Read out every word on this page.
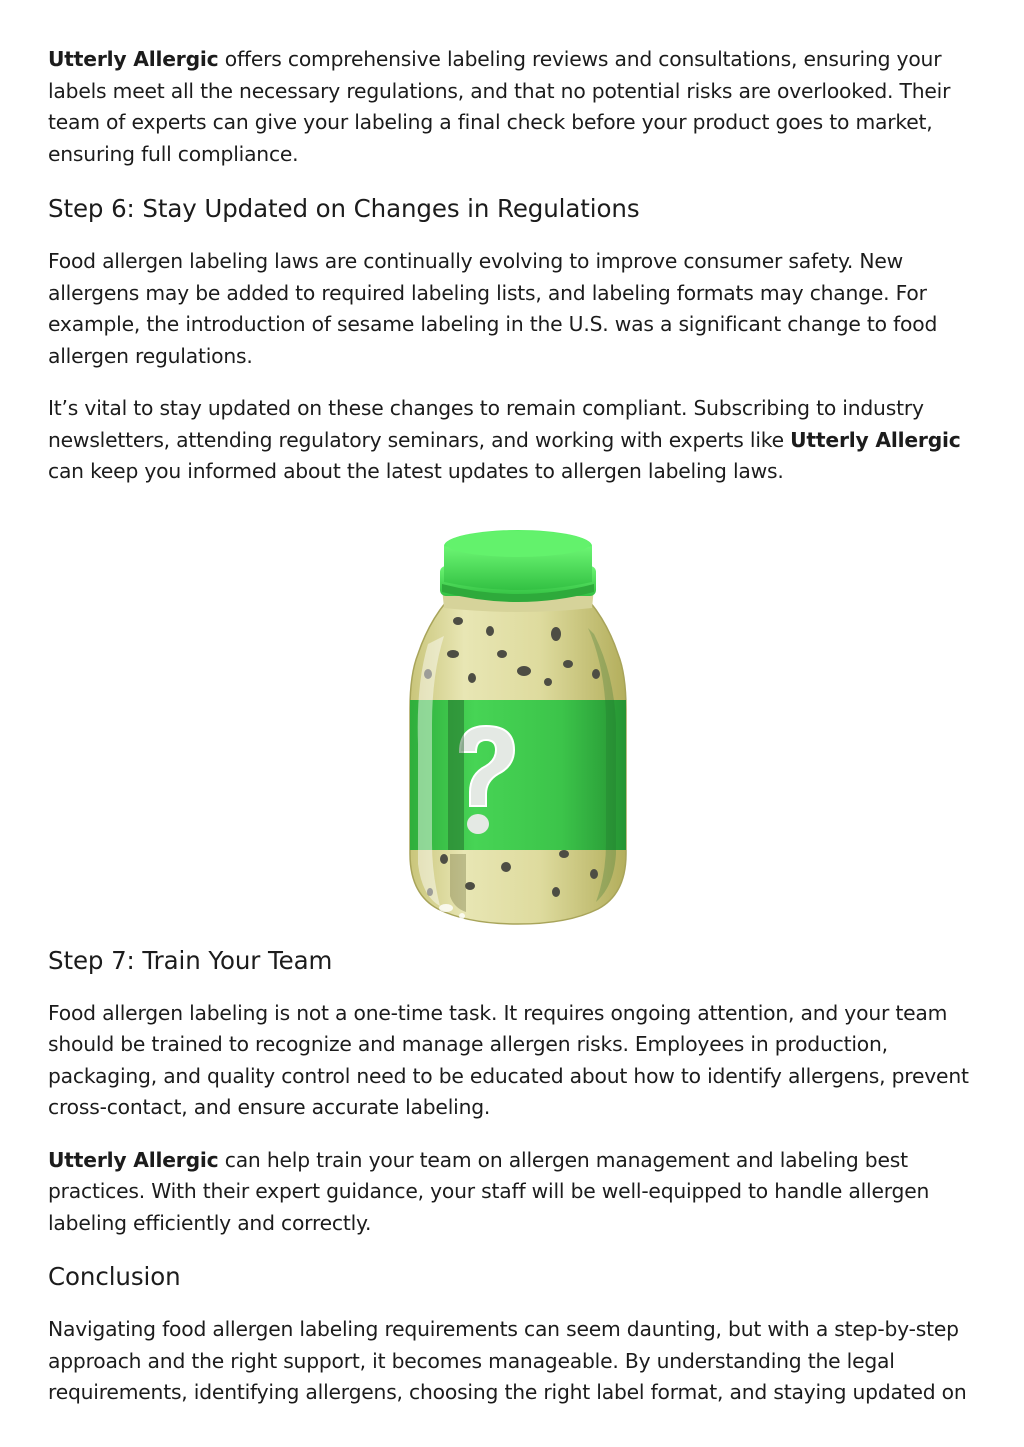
Utterly Allergic offers comprehensive labeling reviews and consultations, ensuring your labels meet all the necessary regulations, and that no potential risks are overlooked. Their team of experts can give your labeling a final check before your product goes to market, ensuring full compliance.

Step 6: Stay Updated on Changes in Regulations

Food allergen labeling laws are continually evolving to improve consumer safety. New allergens may be added to required labeling lists, and labeling formats may change. For example, the introduction of sesame labeling in the U.S. was a significant change to food allergen regulations.

It’s vital to stay updated on these changes to remain compliant. Subscribing to industry newsletters, attending regulatory seminars, and working with experts like Utterly Allergic can keep you informed about the latest updates to allergen labeling laws.

Step 7: Train Your Team

Food allergen labeling is not a one-time task. It requires ongoing attention, and your team should be trained to recognize and manage allergen risks. Employees in production, packaging, and quality control need to be educated about how to identify allergens, prevent cross-contact, and ensure accurate labeling.

Utterly Allergic can help train your team on allergen management and labeling best practices. With their expert guidance, your staff will be well-equipped to handle allergen labeling efficiently and correctly.

Conclusion

Navigating food allergen labeling requirements can seem daunting, but with a step-by-step approach and the right support, it becomes manageable. By understanding the legal requirements, identifying allergens, choosing the right label format, and staying updated on
